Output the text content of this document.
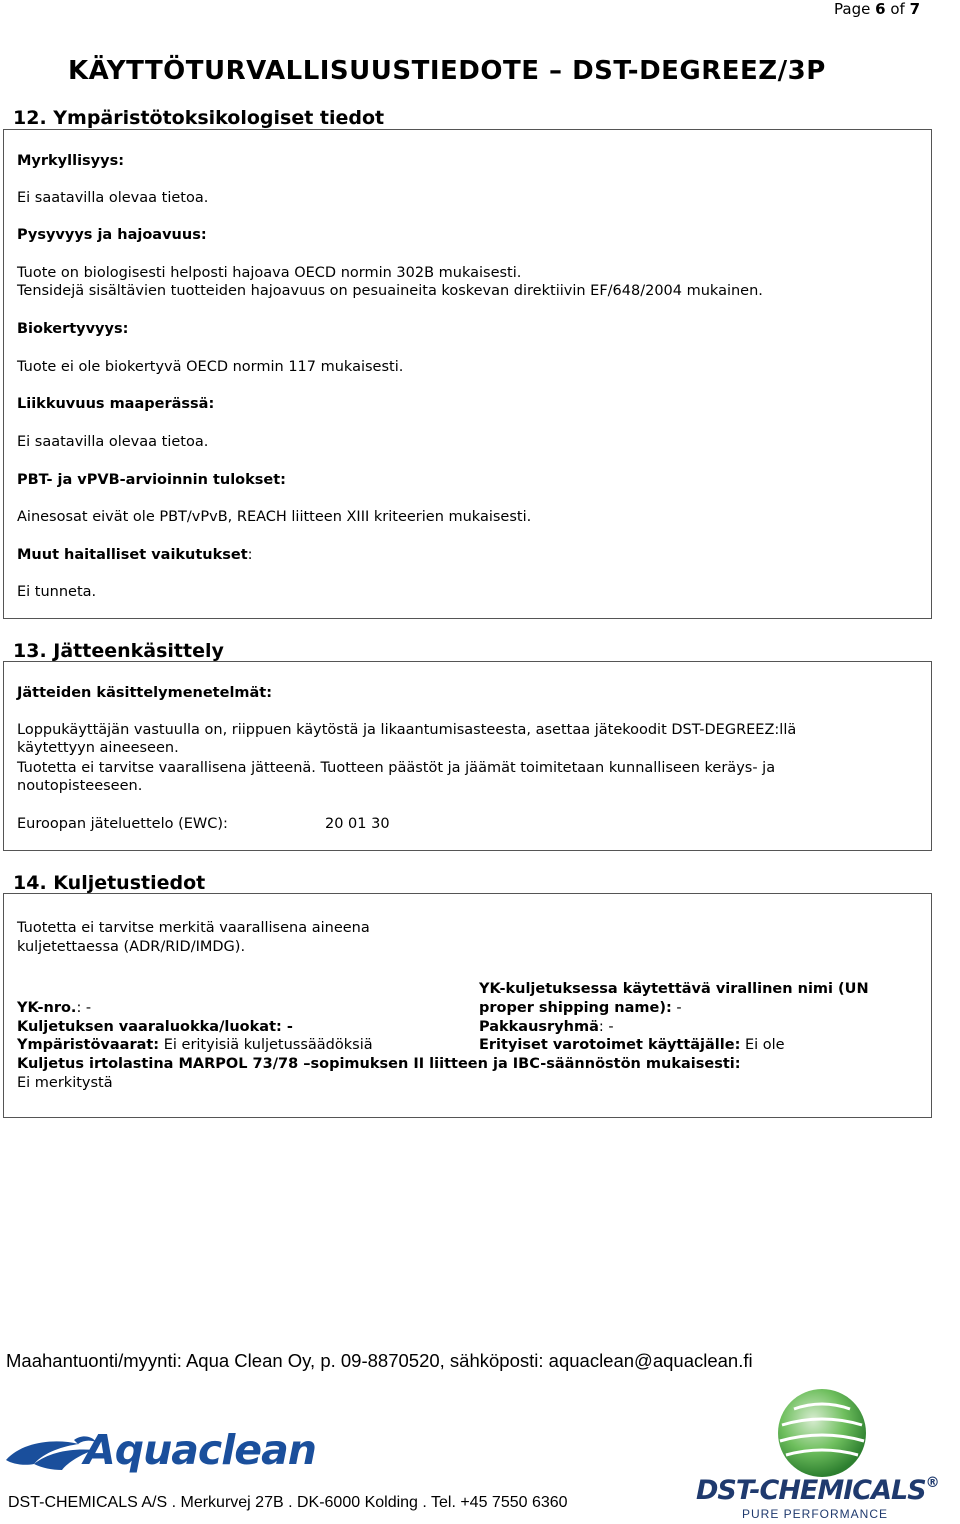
Page 6 of 7
KÄYTTÖTURVALLISUUSTIEDOTE – DST-DEGREEZ/3P
12. Ympäristötoksikologiset tiedot
Myrkyllisyys:
Ei saatavilla olevaa tietoa.
Pysyvyys ja hajoavuus:
Tuote on biologisesti helposti hajoava OECD normin 302B mukaisesti.
Tensidejä sisältävien tuotteiden hajoavuus on pesuaineita koskevan direktiivin EF/648/2004 mukainen.
Biokertyvyys:
Tuote ei ole biokertyvä OECD normin 117 mukaisesti.
Liikkuvuus maaperässä:
Ei saatavilla olevaa tietoa.
PBT- ja vPVB-arvioinnin tulokset:
Ainesosat eivät ole PBT/vPvB, REACH liitteen XIII kriteerien mukaisesti.
Muut haitalliset vaikutukset:
Ei tunneta.
13. Jätteenkäsittely
Jätteiden käsittelymenetelmät:
Loppukäyttäjän vastuulla on, riippuen käytöstä ja likaantumisasteesta, asettaa jätekoodit DST-DEGREEZ:llä
käytettyyn aineeseen.
Tuotetta ei tarvitse vaarallisena jätteenä. Tuotteen päästöt ja jäämät toimitetaan kunnalliseen keräys- ja
noutopisteeseen.
Euroopan jäteluettelo (EWC):	20 01 30
14. Kuljetustiedot
Tuotetta ei tarvitse merkitä vaarallisena aineena
kuljetettaessa (ADR/RID/IMDG).
YK-kuljetuksessa käytettävä virallinen nimi (UN
proper shipping name): -
YK-nro.: -
Kuljetuksen vaaraluokka/luokat: -	Pakkausryhmä: -
Ympäristövaarat: Ei erityisiä kuljetussäädöksiä	Erityiset varotoimet käyttäjälle: Ei ole
Kuljetus irtolastina MARPOL 73/78 –sopimuksen II liitteen ja IBC-säännöstön mukaisesti:
Ei merkitystä
Maahantuonti/myynti: Aqua Clean Oy, p. 09-8870520, sähköposti: aquaclean@aquaclean.fi
Aquaclean
DST-CHEMICALS®
PURE PERFORMANCE
DST-CHEMICALS A/S . Merkurvej 27B . DK-6000 Kolding . Tel. +45 7550 6360
